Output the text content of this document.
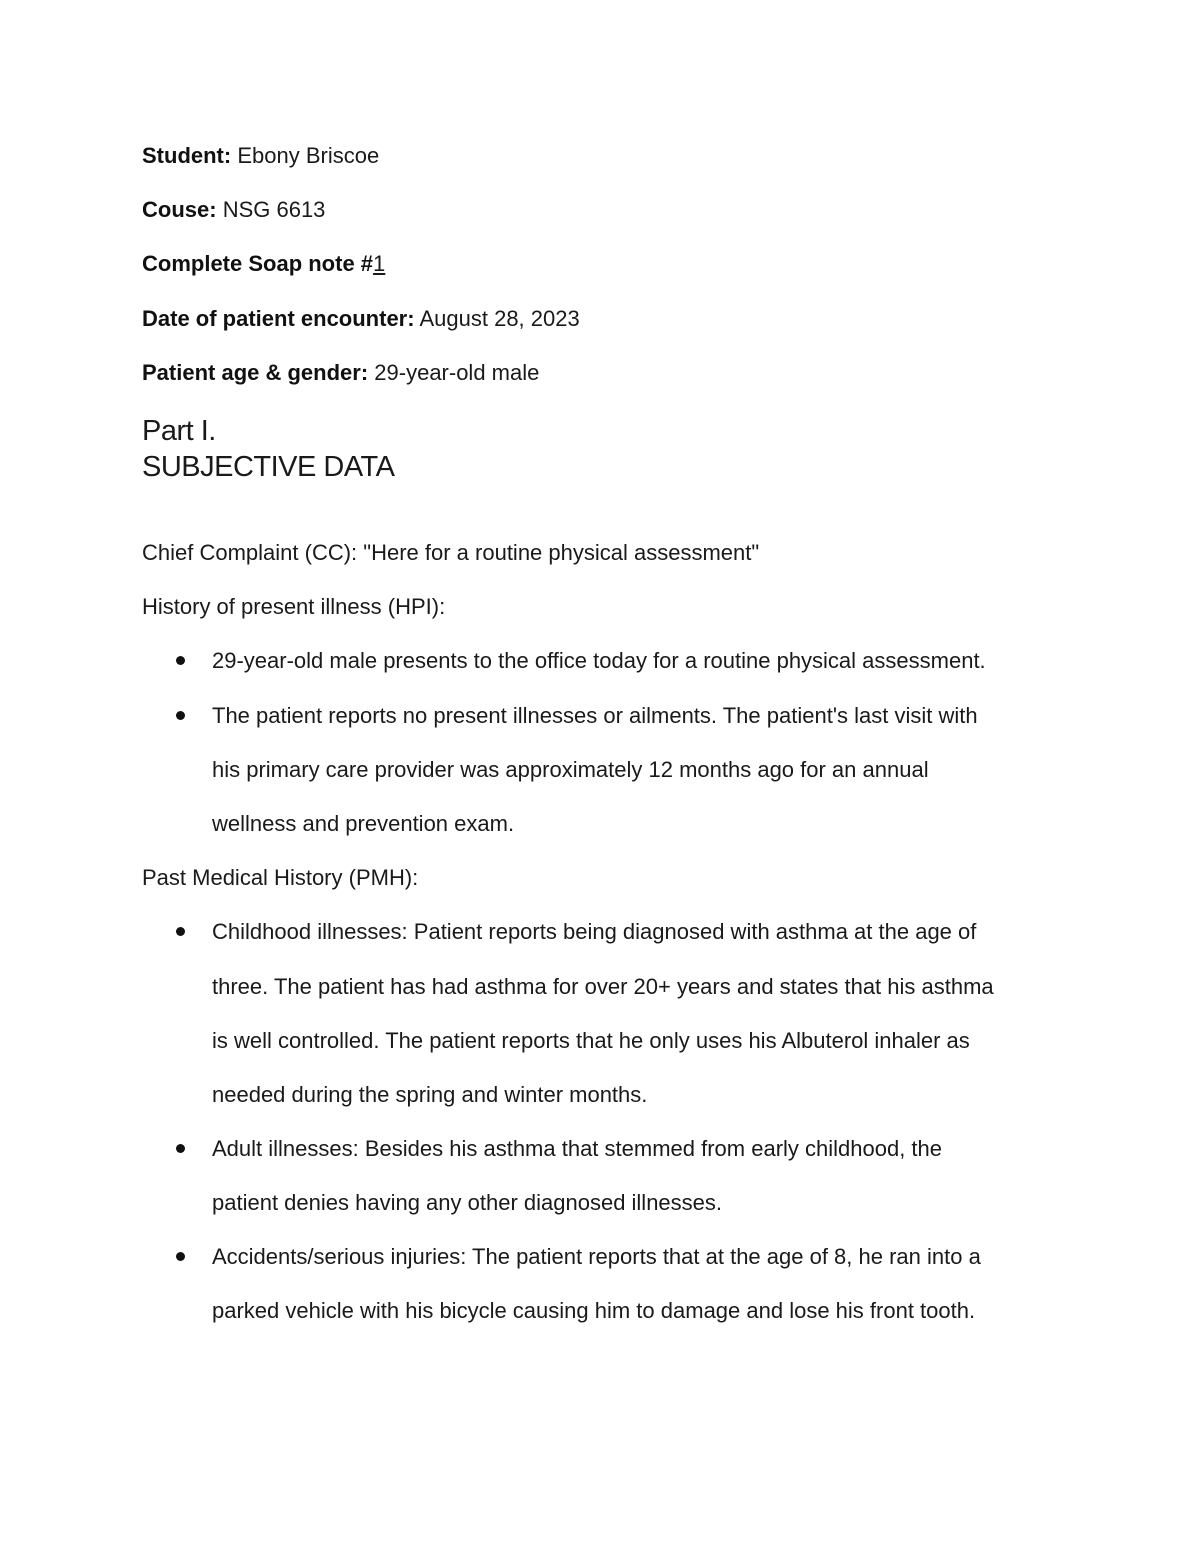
Student: Ebony Briscoe
Couse: NSG 6613
Complete Soap note #1
Date of patient encounter: August 28, 2023
Patient age & gender: 29-year-old male
Part I.
SUBJECTIVE DATA
Chief Complaint (CC): "Here for a routine physical assessment"
History of present illness (HPI):
29-year-old male presents to the office today for a routine physical assessment.
The patient reports no present illnesses or ailments. The patient's last visit with
his primary care provider was approximately 12 months ago for an annual
wellness and prevention exam.
Past Medical History (PMH):
Childhood illnesses: Patient reports being diagnosed with asthma at the age of
three. The patient has had asthma for over 20+ years and states that his asthma
is well controlled. The patient reports that he only uses his Albuterol inhaler as
needed during the spring and winter months.
Adult illnesses: Besides his asthma that stemmed from early childhood, the
patient denies having any other diagnosed illnesses.
Accidents/serious injuries: The patient reports that at the age of 8, he ran into a
parked vehicle with his bicycle causing him to damage and lose his front tooth.
